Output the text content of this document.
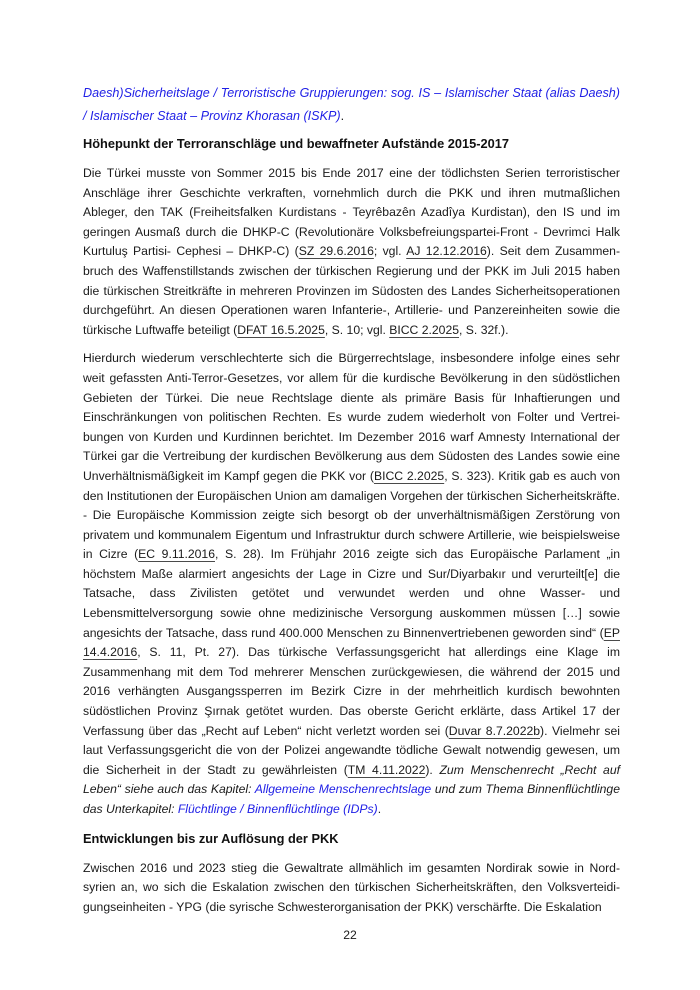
Daesh)Sicherheitslage / Terroristische Gruppierungen: sog. IS – Islamischer Staat (alias Daesh) / Islamischer Staat – Provinz Khorasan (ISKP).

Höhepunkt der Terroranschläge und bewaffneter Aufstände 2015-2017

Die Türkei musste von Sommer 2015 bis Ende 2017 eine der tödlichsten Serien terroristischer Anschläge ihrer Geschichte verkraften, vornehmlich durch die PKK und ihren mutmaßlichen Ableger, den TAK (Freiheitsfalken Kurdistans - Teyrêbazên Azadîya Kurdistan), den IS und im geringen Ausmaß durch die DHKP-C (Revolutionäre Volksbefreiungspartei-Front - Devrimci Halk Kurtuluş Partisi- Cephesi – DHKP-C) (SZ 29.6.2016; vgl. AJ 12.12.2016). Seit dem Zusammenbruch des Waffenstillstands zwischen der türkischen Regierung und der PKK im Juli 2015 haben die türkischen Streitkräfte in mehreren Provinzen im Südosten des Landes Sicherheitsoperationen durchgeführt. An diesen Operationen waren Infanterie-, Artillerie- und Panzereinheiten sowie die türkische Luftwaffe beteiligt (DFAT 16.5.2025, S. 10; vgl. BICC 2.2025, S. 32f.).

Hierdurch wiederum verschlechterte sich die Bürgerrechtslage, insbesondere infolge eines sehr weit gefassten Anti-Terror-Gesetzes, vor allem für die kurdische Bevölkerung in den südöstlichen Gebieten der Türkei. Die neue Rechtslage diente als primäre Basis für Inhaftierungen und Einschränkungen von politischen Rechten. Es wurde zudem wiederholt von Folter und Vertreibungen von Kurden und Kurdinnen berichtet. Im Dezember 2016 warf Amnesty International der Türkei gar die Vertreibung der kurdischen Bevölkerung aus dem Südosten des Landes sowie eine Unverhältnismäßigkeit im Kampf gegen die PKK vor (BICC 2.2025, S. 323). Kritik gab es auch von den Institutionen der Europäischen Union am damaligen Vorgehen der türkischen Sicherheitskräfte. - Die Europäische Kommission zeigte sich besorgt ob der unverhältnismäßigen Zerstörung von privatem und kommunalem Eigentum und Infrastruktur durch schwere Artillerie, wie beispielsweise in Cizre (EC 9.11.2016, S. 28). Im Frühjahr 2016 zeigte sich das Europäische Parlament „in höchstem Maße alarmiert angesichts der Lage in Cizre und Sur/Diyarbakır und verurteilt[e] die Tatsache, dass Zivilisten getötet und verwundet werden und ohne Wasser- und Lebensmittelversorgung sowie ohne medizinische Versorgung auskommen müssen […] sowie angesichts der Tatsache, dass rund 400.000 Menschen zu Binnenvertriebenen geworden sind“ (EP 14.4.2016, S. 11, Pt. 27). Das türkische Verfassungsgericht hat allerdings eine Klage im Zusammenhang mit dem Tod mehrerer Menschen zurückgewiesen, die während der 2015 und 2016 verhängten Ausgangssperren im Bezirk Cizre in der mehrheitlich kurdisch bewohnten südöstlichen Provinz Şırnak getötet wurden. Das oberste Gericht erklärte, dass Artikel 17 der Verfassung über das „Recht auf Leben“ nicht verletzt worden sei (Duvar 8.7.2022b). Vielmehr sei laut Verfassungsgericht die von der Polizei angewandte tödliche Gewalt notwendig gewesen, um die Sicherheit in der Stadt zu gewährleisten (TM 4.11.2022). Zum Menschenrecht „Recht auf Leben“ siehe auch das Kapitel: Allgemeine Menschenrechtslage und zum Thema Binnenflüchtlinge das Unterkapitel: Flüchtlinge / Binnenflüchtlinge (IDPs).

Entwicklungen bis zur Auflösung der PKK

Zwischen 2016 und 2023 stieg die Gewaltrate allmählich im gesamten Nordirak sowie in Nordsyrien an, wo sich die Eskalation zwischen den türkischen Sicherheitskräften, den Volksverteidigungseinheiten - YPG (die syrische Schwesterorganisation der PKK) verschärfte. Die Eskalation

22
